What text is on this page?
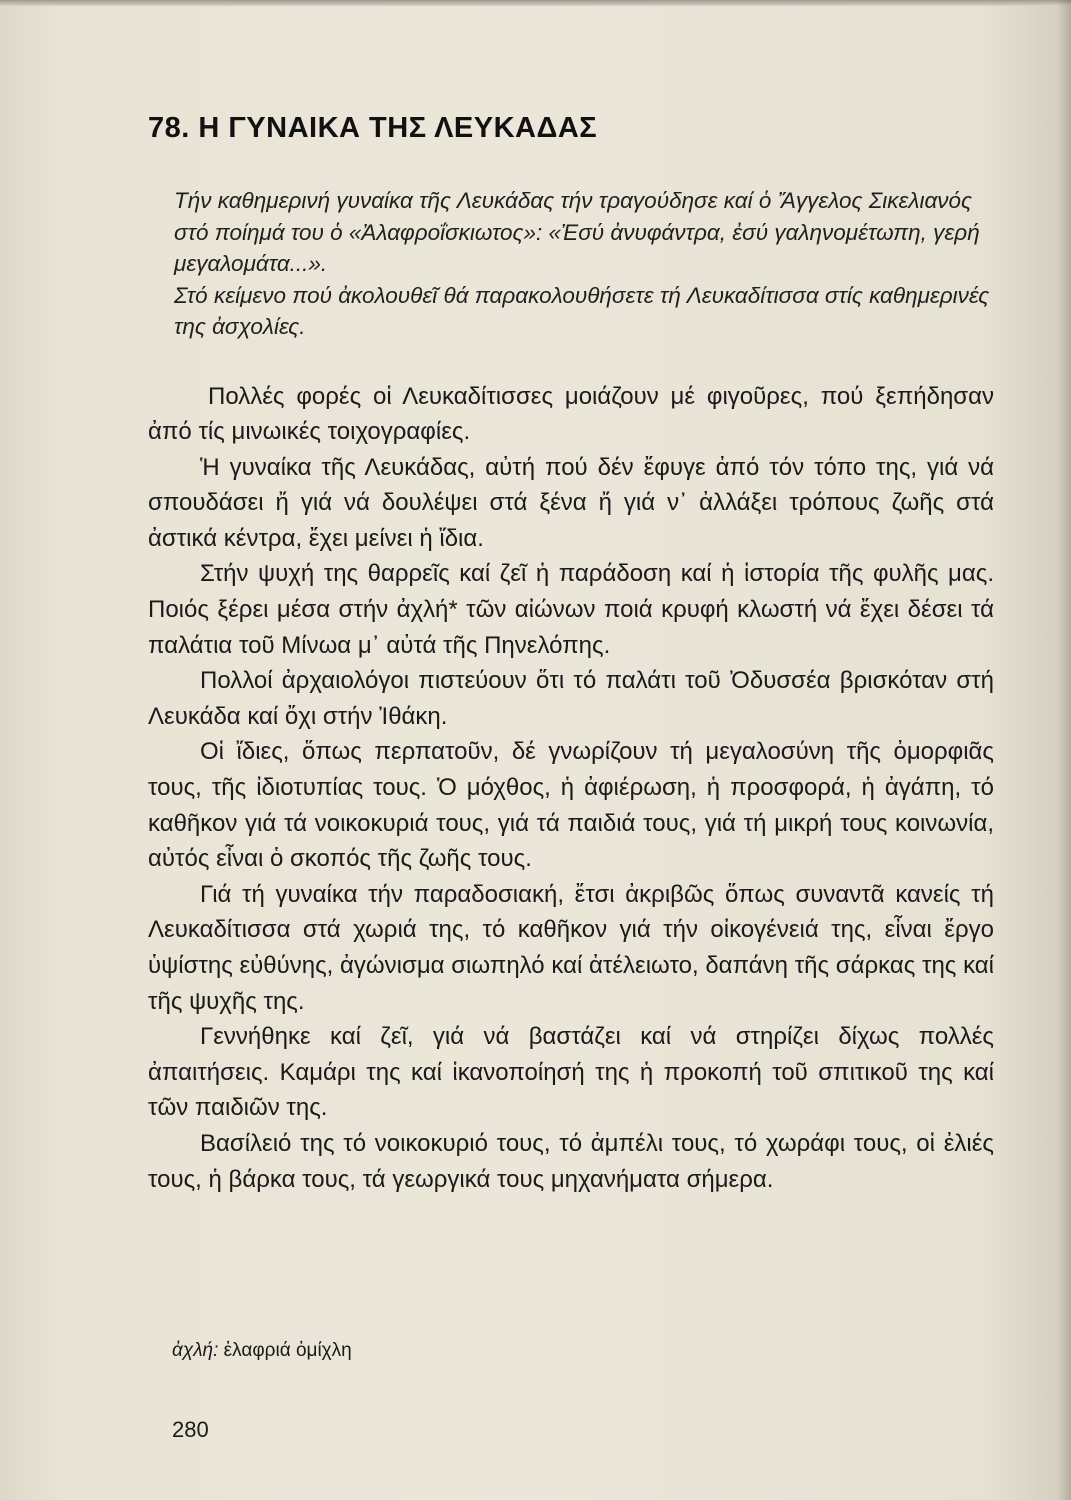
78. Η ΓΥΝΑΙΚΑ ΤΗΣ ΛΕΥΚΑΔΑΣ

Τήν καθημερινή γυναίκα τῆς Λευκάδας τήν τραγούδησε καί ὁ Ἄγγελος Σικελιανός στό ποίημά του ὁ «Ἀλαφροΐσκιωτος»: «Ἐσύ ἀνυφάντρα, ἐσύ γαληνομέτωπη, γερή μεγαλομάτα...».

Στό κείμενο πού ἀκολουθεῖ θά παρακολουθήσετε τή Λευκαδίτισσα στίς καθημερινές της ἀσχολίες.

Πολλές φορές οἱ Λευκαδίτισσες μοιάζουν μέ φιγοῦρες, πού ξεπήδησαν ἀπό τίς μινωικές τοιχογραφίες.

Ἡ γυναίκα τῆς Λευκάδας, αὐτή πού δέν ἔφυγε ἀπό τόν τόπο της, γιά νά σπουδάσει ἤ γιά νά δουλέψει στά ξένα ἤ γιά ν᾽ ἀλλάξει τρόπους ζωῆς στά ἀστικά κέντρα, ἔχει μείνει ἡ ἴδια.

Στήν ψυχή της θαρρεῖς καί ζεῖ ἡ παράδοση καί ἡ ἱστορία τῆς φυλῆς μας. Ποιός ξέρει μέσα στήν ἀχλή* τῶν αἰώνων ποιά κρυφή κλωστή νά ἔχει δέσει τά παλάτια τοῦ Μίνωα μ᾽ αὐτά τῆς Πηνελόπης.

Πολλοί ἀρχαιολόγοι πιστεύουν ὅτι τό παλάτι τοῦ Ὀδυσσέα βρισκόταν στή Λευκάδα καί ὄχι στήν Ἰθάκη.

Οἱ ἴδιες, ὅπως περπατοῦν, δέ γνωρίζουν τή μεγαλοσύνη τῆς ὀμορφιᾶς τους, τῆς ἰδιοτυπίας τους. Ὁ μόχθος, ἡ ἀφιέρωση, ἡ προσφορά, ἡ ἀγάπη, τό καθῆκον γιά τά νοικοκυριά τους, γιά τά παιδιά τους, γιά τή μικρή τους κοινωνία, αὐτός εἶναι ὁ σκοπός τῆς ζωῆς τους.

Γιά τή γυναίκα τήν παραδοσιακή, ἔτσι ἀκριβῶς ὅπως συναντᾶ κανείς τή Λευκαδίτισσα στά χωριά της, τό καθῆκον γιά τήν οἰκογένειά της, εἶναι ἔργο ὑψίστης εὐθύνης, ἀγώνισμα σιωπηλό καί ἀτέλειωτο, δαπάνη τῆς σάρκας της καί τῆς ψυχῆς της.

Γεννήθηκε καί ζεῖ, γιά νά βαστάζει καί νά στηρίζει δίχως πολλές ἀπαιτήσεις. Καμάρι της καί ἱκανοποίησή της ἡ προκοπή τοῦ σπιτικοῦ της καί τῶν παιδιῶν της.

Βασίλειό της τό νοικοκυριό τους, τό ἀμπέλι τους, τό χωράφι τους, οἱ ἐλιές τους, ἡ βάρκα τους, τά γεωργικά τους μηχανήματα σήμερα.

ἀχλή: ἐλαφριά ὀμίχλη
280
